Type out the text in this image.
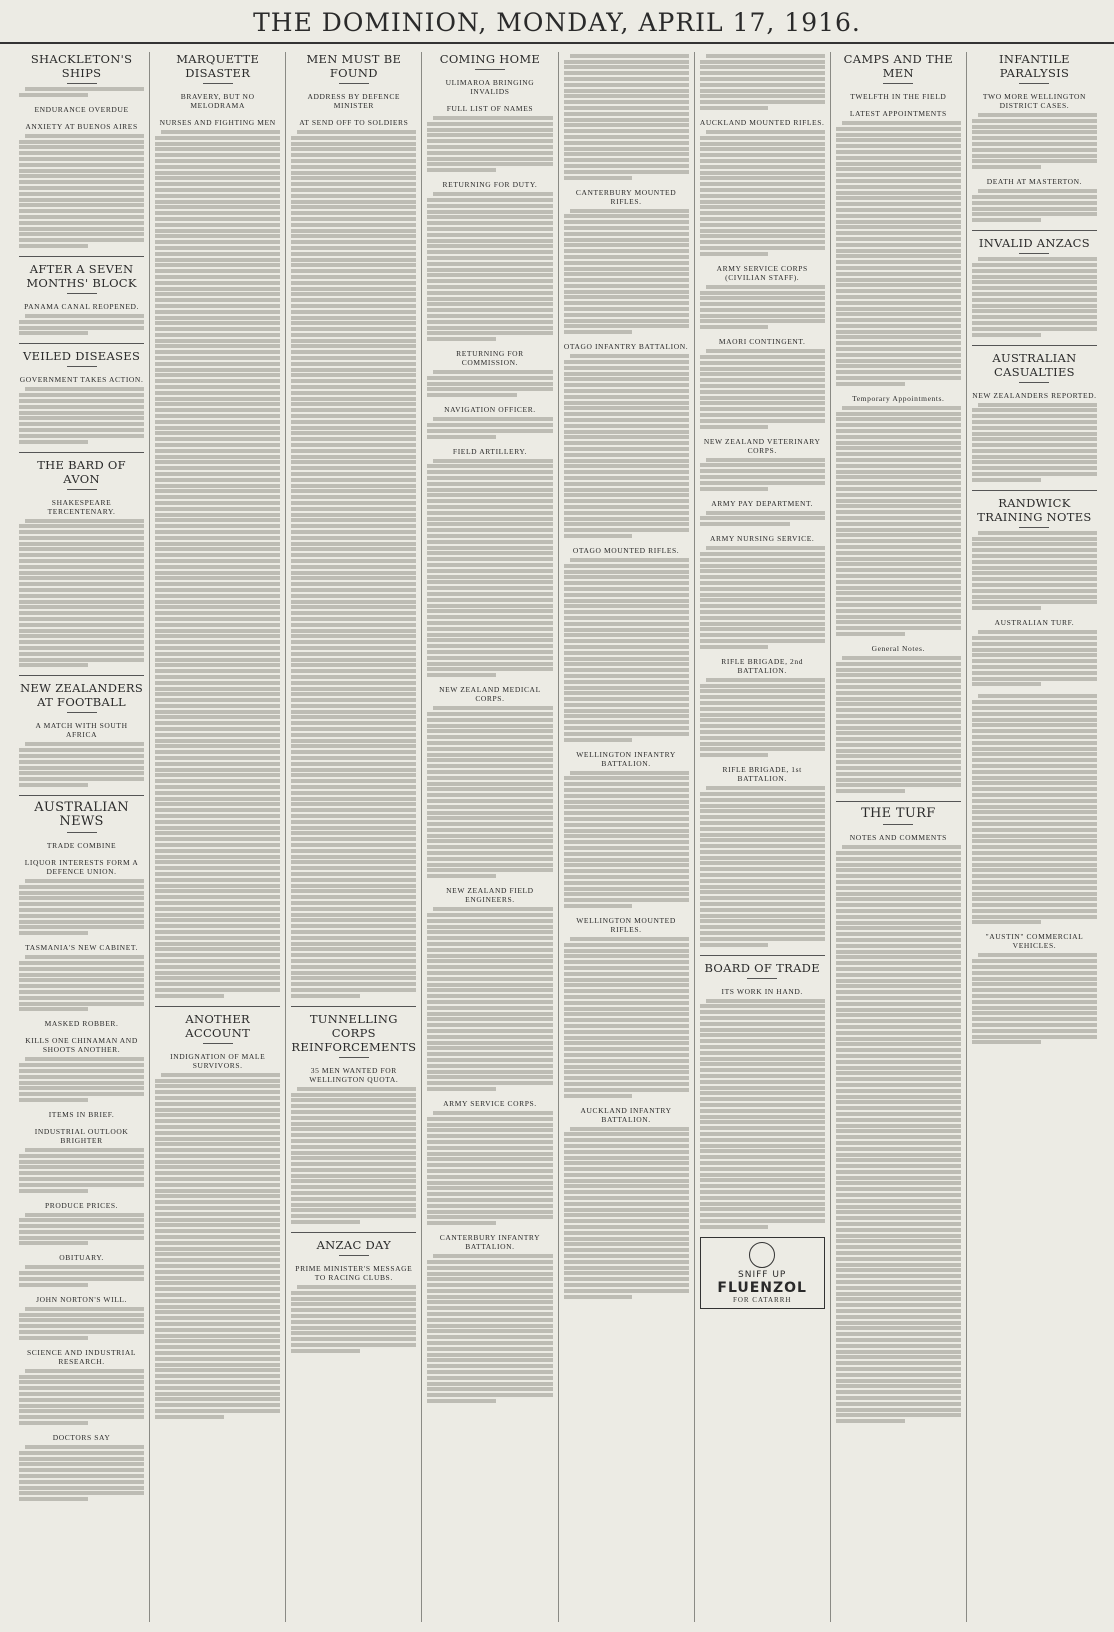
THE DOMINION, MONDAY, APRIL 17, 1916.
SHACKLETON'S SHIPS
ENDURANCE OVERDUE
ANXIETY AT BUENOS AIRES
AFTER A SEVEN MONTHS' BLOCK
PANAMA CANAL REOPENED.
VEILED DISEASES
GOVERNMENT TAKES ACTION.
THE BARD OF AVON
SHAKESPEARE TERCENTENARY.
NEW ZEALANDERS AT FOOTBALL
A MATCH WITH SOUTH AFRICA
AUSTRALIAN NEWS
TRADE COMBINE
LIQUOR INTERESTS FORM A DEFENCE UNION.
TASMANIA'S NEW CABINET.
MASKED ROBBER.
KILLS ONE CHINAMAN AND SHOOTS ANOTHER.
ITEMS IN BRIEF.
INDUSTRIAL OUTLOOK BRIGHTER
PRODUCE PRICES.
OBITUARY.
JOHN NORTON'S WILL.
SCIENCE AND INDUSTRIAL RESEARCH.
DOCTORS SAY
MARQUETTE DISASTER
BRAVERY, BUT NO MELODRAMA
NURSES AND FIGHTING MEN
ANOTHER ACCOUNT
INDIGNATION OF MALE SURVIVORS.
MEN MUST BE FOUND
ADDRESS BY DEFENCE MINISTER
AT SEND OFF TO SOLDIERS
TUNNELLING CORPS REINFORCEMENTS
35 MEN WANTED FOR WELLINGTON QUOTA.
ANZAC DAY
PRIME MINISTER'S MESSAGE TO RACING CLUBS.
COMING HOME
ULIMAROA BRINGING INVALIDS
FULL LIST OF NAMES
RETURNING FOR DUTY.
RETURNING FOR COMMISSION.
NAVIGATION OFFICER.
FIELD ARTILLERY.
NEW ZEALAND MEDICAL CORPS.
NEW ZEALAND FIELD ENGINEERS.
ARMY SERVICE CORPS.
CANTERBURY INFANTRY BATTALION.
CANTERBURY MOUNTED RIFLES.
OTAGO INFANTRY BATTALION.
OTAGO MOUNTED RIFLES.
WELLINGTON INFANTRY BATTALION.
WELLINGTON MOUNTED RIFLES.
AUCKLAND INFANTRY BATTALION.
AUCKLAND MOUNTED RIFLES.
ARMY SERVICE CORPS (CIVILIAN STAFF).
MAORI CONTINGENT.
NEW ZEALAND VETERINARY CORPS.
ARMY PAY DEPARTMENT.
ARMY NURSING SERVICE.
RIFLE BRIGADE, 2nd BATTALION.
RIFLE BRIGADE, 1st BATTALION.
BOARD OF TRADE
ITS WORK IN HAND.
SNIFF UP
FLUENZOL
FOR CATARRH
CAMPS AND THE MEN
TWELFTH IN THE FIELD
LATEST APPOINTMENTS
Temporary Appointments.
General Notes.
THE TURF
NOTES AND COMMENTS
INFANTILE PARALYSIS
TWO MORE WELLINGTON DISTRICT CASES.
DEATH AT MASTERTON.
INVALID ANZACS
AUSTRALIAN CASUALTIES
NEW ZEALANDERS REPORTED.
RANDWICK TRAINING NOTES
AUSTRALIAN TURF.
"AUSTIN" COMMERCIAL VEHICLES.
